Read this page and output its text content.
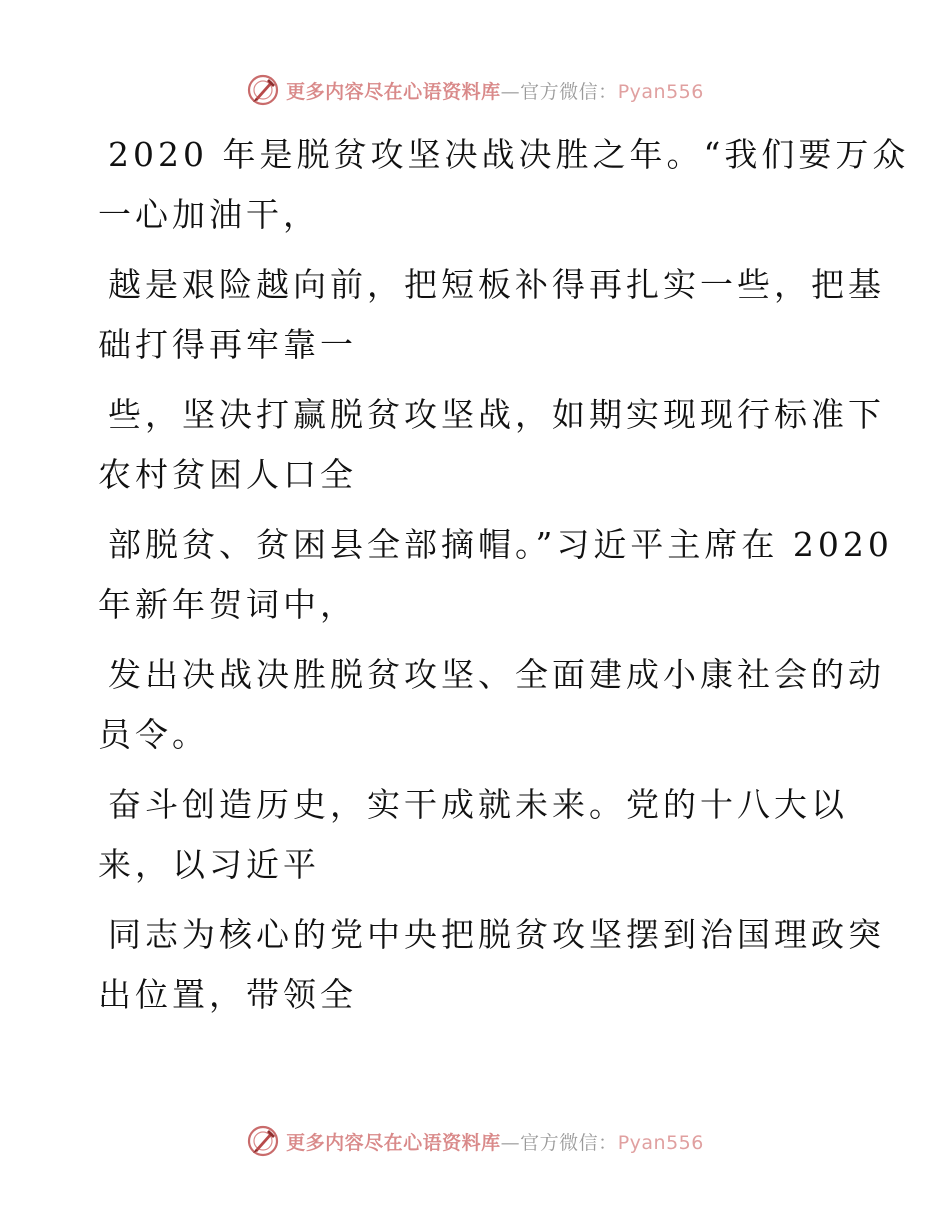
更多内容尽在心语资料库—官方微信：Pyan556

2020 年是脱贫攻坚决战决胜之年。“我们要万众
一心加油干，

越是艰险越向前，把短板补得再扎实一些，把基
础打得再牢靠一

些，坚决打赢脱贫攻坚战，如期实现现行标准下
农村贫困人口全

部脱贫、贫困县全部摘帽。”习近平主席在 2020
年新年贺词中，

发出决战决胜脱贫攻坚、全面建成小康社会的动
员令。

奋斗创造历史，实干成就未来。党的十八大以
来，以习近平

同志为核心的党中央把脱贫攻坚摆到治国理政突
出位置，带领全

更多内容尽在心语资料库—官方微信：Pyan556
